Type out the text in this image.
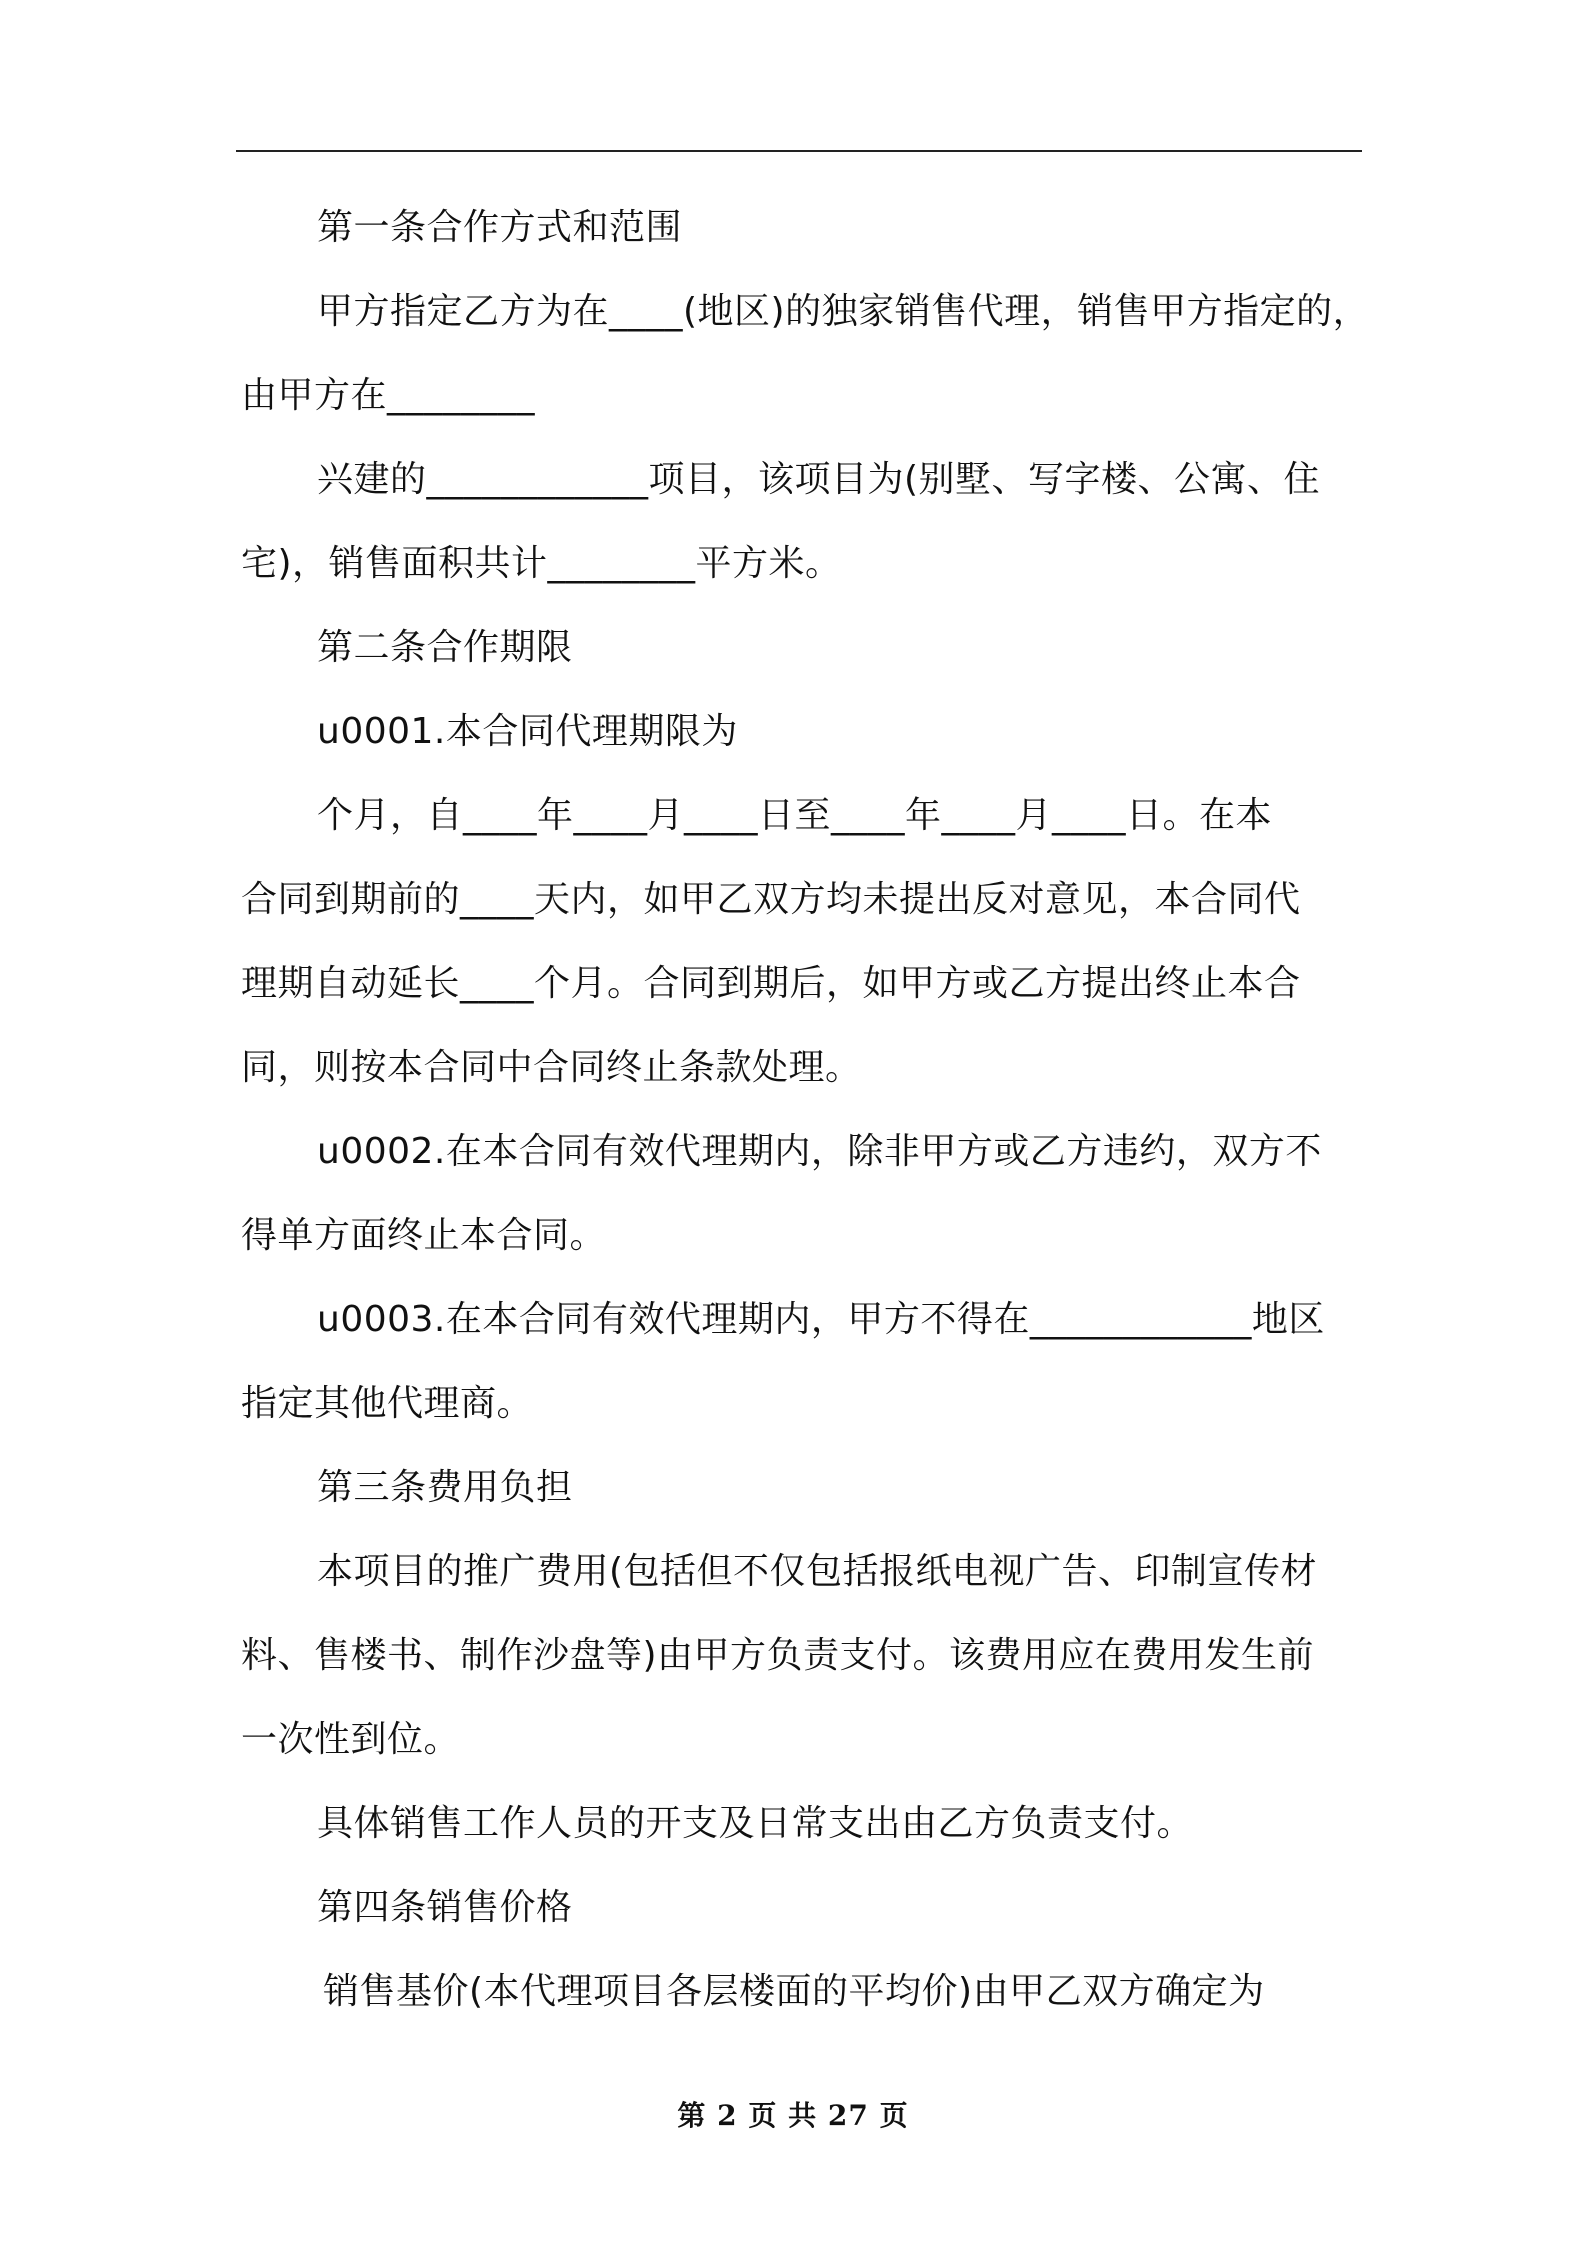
第一条合作方式和范围
甲方指定乙方为在____(地区)的独家销售代理，销售甲方指定的，
由甲方在________
兴建的____________项目，该项目为(别墅、写字楼、公寓、住
宅)，销售面积共计________平方米。
第二条合作期限
u0001.本合同代理期限为
个月，自____年____月____日至____年____月____日。在本
合同到期前的____天内，如甲乙双方均未提出反对意见，本合同代
理期自动延长____个月。合同到期后，如甲方或乙方提出终止本合
同，则按本合同中合同终止条款处理。
u0002.在本合同有效代理期内，除非甲方或乙方违约，双方不
得单方面终止本合同。
u0003.在本合同有效代理期内，甲方不得在____________地区
指定其他代理商。
第三条费用负担
本项目的推广费用(包括但不仅包括报纸电视广告、印制宣传材
料、售楼书、制作沙盘等)由甲方负责支付。该费用应在费用发生前
一次性到位。
具体销售工作人员的开支及日常支出由乙方负责支付。
第四条销售价格
销售基价(本代理项目各层楼面的平均价)由甲乙双方确定为
第 2 页 共 27 页
